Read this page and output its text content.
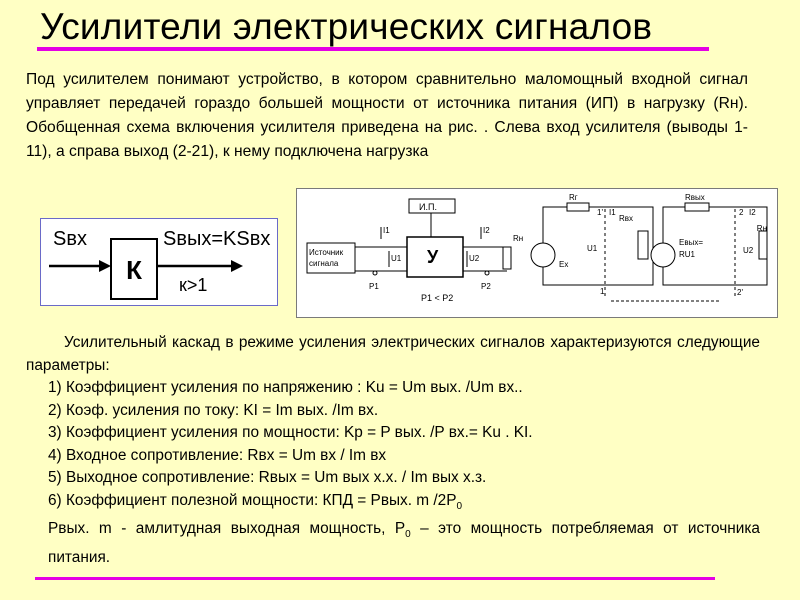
Усилители электрических сигналов

Под усилителем понимают устройство, в котором сравнительно маломощный входной сигнал управляет передачей гораздо большей мощности от источника питания (ИП) в нагрузку (Rн). Обобщенная схема включения усилителя приведена на рис. . Слева вход усилителя (выводы 1-11), а справа выход (2-21), к нему подключена нагрузка

К
Sвх	Sвых=KSвх
к>1
Источник
сигнала
И.П.
У
I1
U1
P1
I2
U2
P2
Rн
P1 < P2
Rг
1' I1
Rвх
Ex
U1
1
Rвых
2 I2
Rн
Eвых=
RU1	U2
2'

Усилительный каскад в режиме усиления электрических сигналов характеризуются следующие параметры:

1) Коэффициент усиления по напряжению : Ku = Um вых. /Um вх..

2) Коэф. усиления по току: KI = Im вых. /Im вх.

3) Коэффициент усиления по мощности: Kp = P вых. /P вх.= Ku . KI.

4) Входное сопротивление: Rвх = Um вх / Im вх

5) Выходное сопротивление: Rвых = Um вых х.х. / Im вых х.з.

6) Коэффициент полезной мощности: КПД = Рвых. m $/2P_0$

Рвых. m - амлитудная выходная мощность, $P_0$ – это мощность потребляемая от источника питания.
